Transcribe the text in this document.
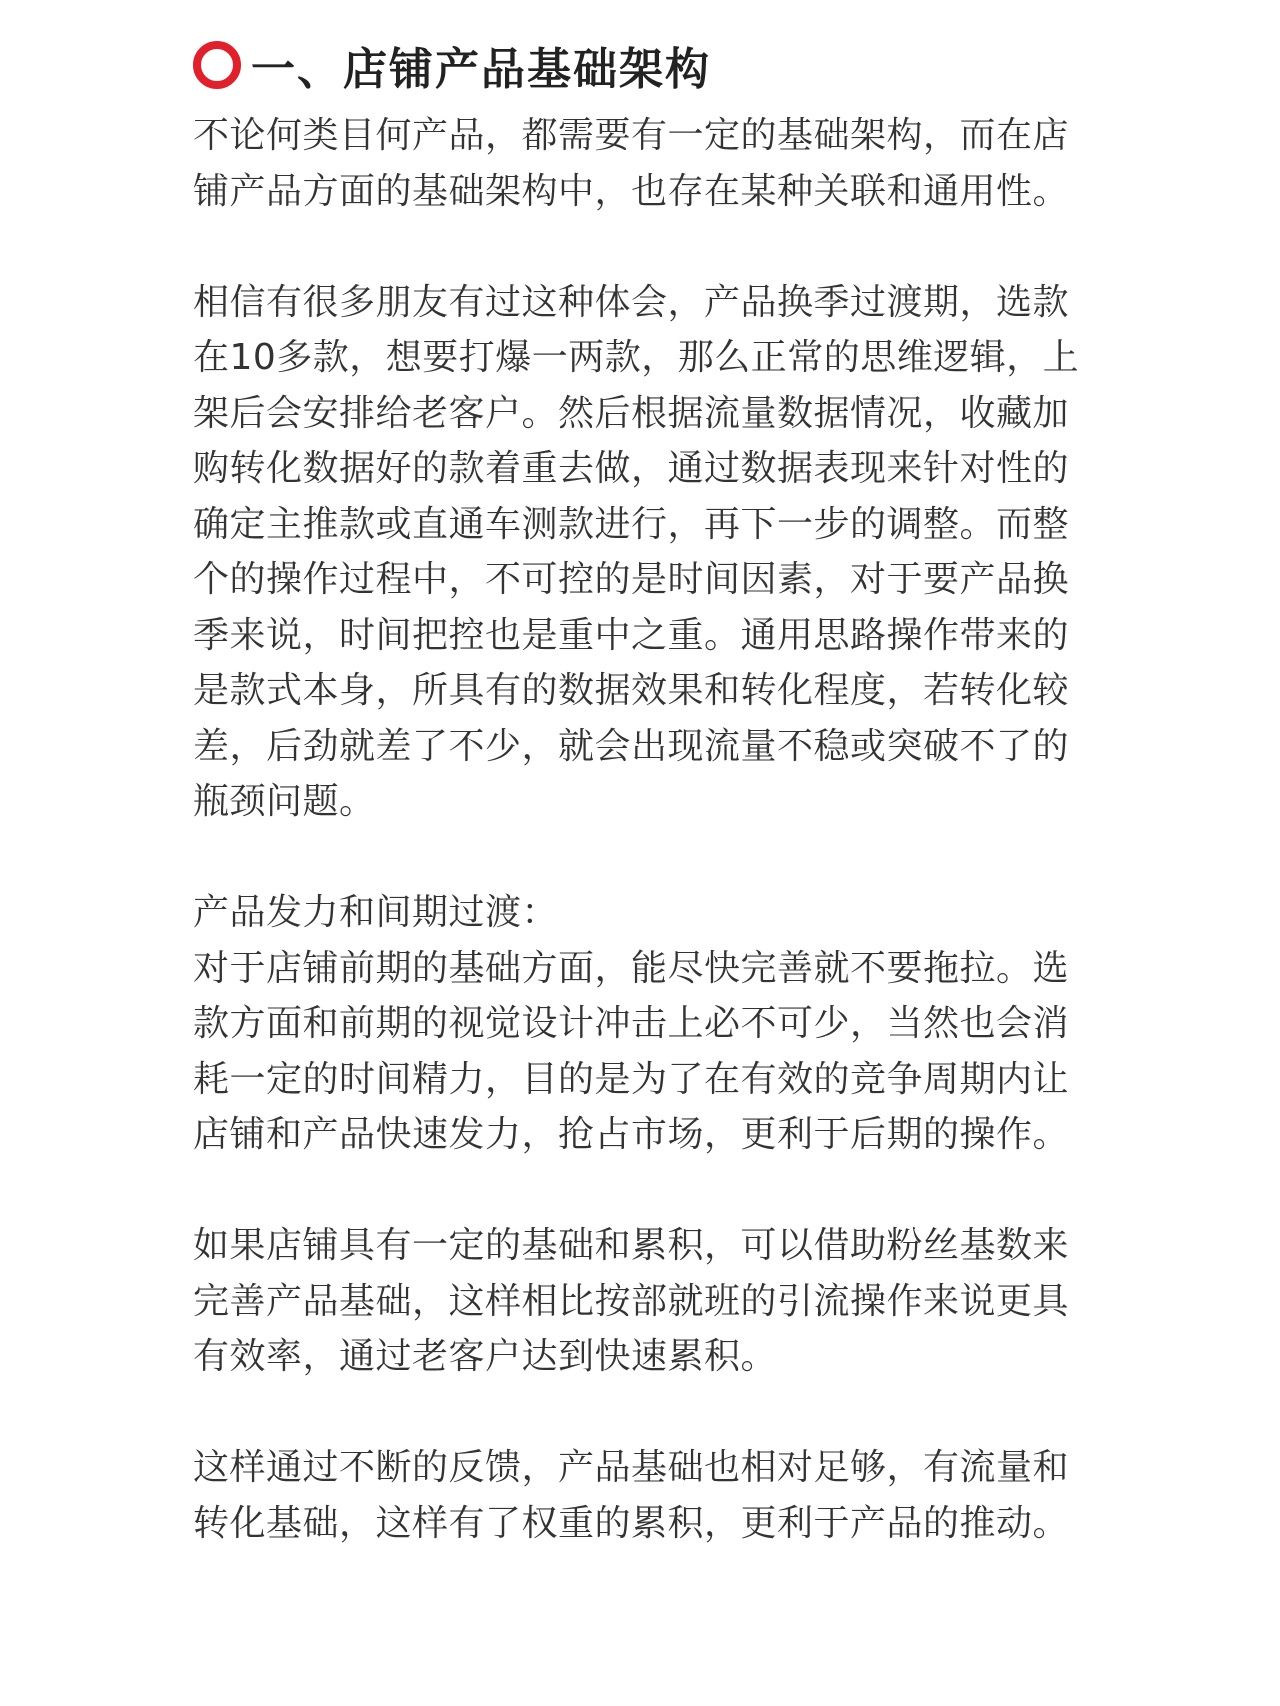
一、店铺产品基础架构

不论何类目何产品，都需要有一定的基础架构，而在店铺产品方面的基础架构中，也存在某种关联和通用性。

相信有很多朋友有过这种体会，产品换季过渡期，选款在10多款，想要打爆一两款，那么正常的思维逻辑，上架后会安排给老客户。然后根据流量数据情况，收藏加购转化数据好的款着重去做，通过数据表现来针对性的确定主推款或直通车测款进行，再下一步的调整。而整个的操作过程中，不可控的是时间因素，对于要产品换季来说，时间把控也是重中之重。通用思路操作带来的是款式本身，所具有的数据效果和转化程度，若转化较差，后劲就差了不少，就会出现流量不稳或突破不了的瓶颈问题。

产品发力和间期过渡：

对于店铺前期的基础方面，能尽快完善就不要拖拉。选款方面和前期的视觉设计冲击上必不可少，当然也会消耗一定的时间精力，目的是为了在有效的竞争周期内让店铺和产品快速发力，抢占市场，更利于后期的操作。

如果店铺具有一定的基础和累积，可以借助粉丝基数来完善产品基础，这样相比按部就班的引流操作来说更具有效率，通过老客户达到快速累积。

这样通过不断的反馈，产品基础也相对足够，有流量和转化基础，这样有了权重的累积，更利于产品的推动。
